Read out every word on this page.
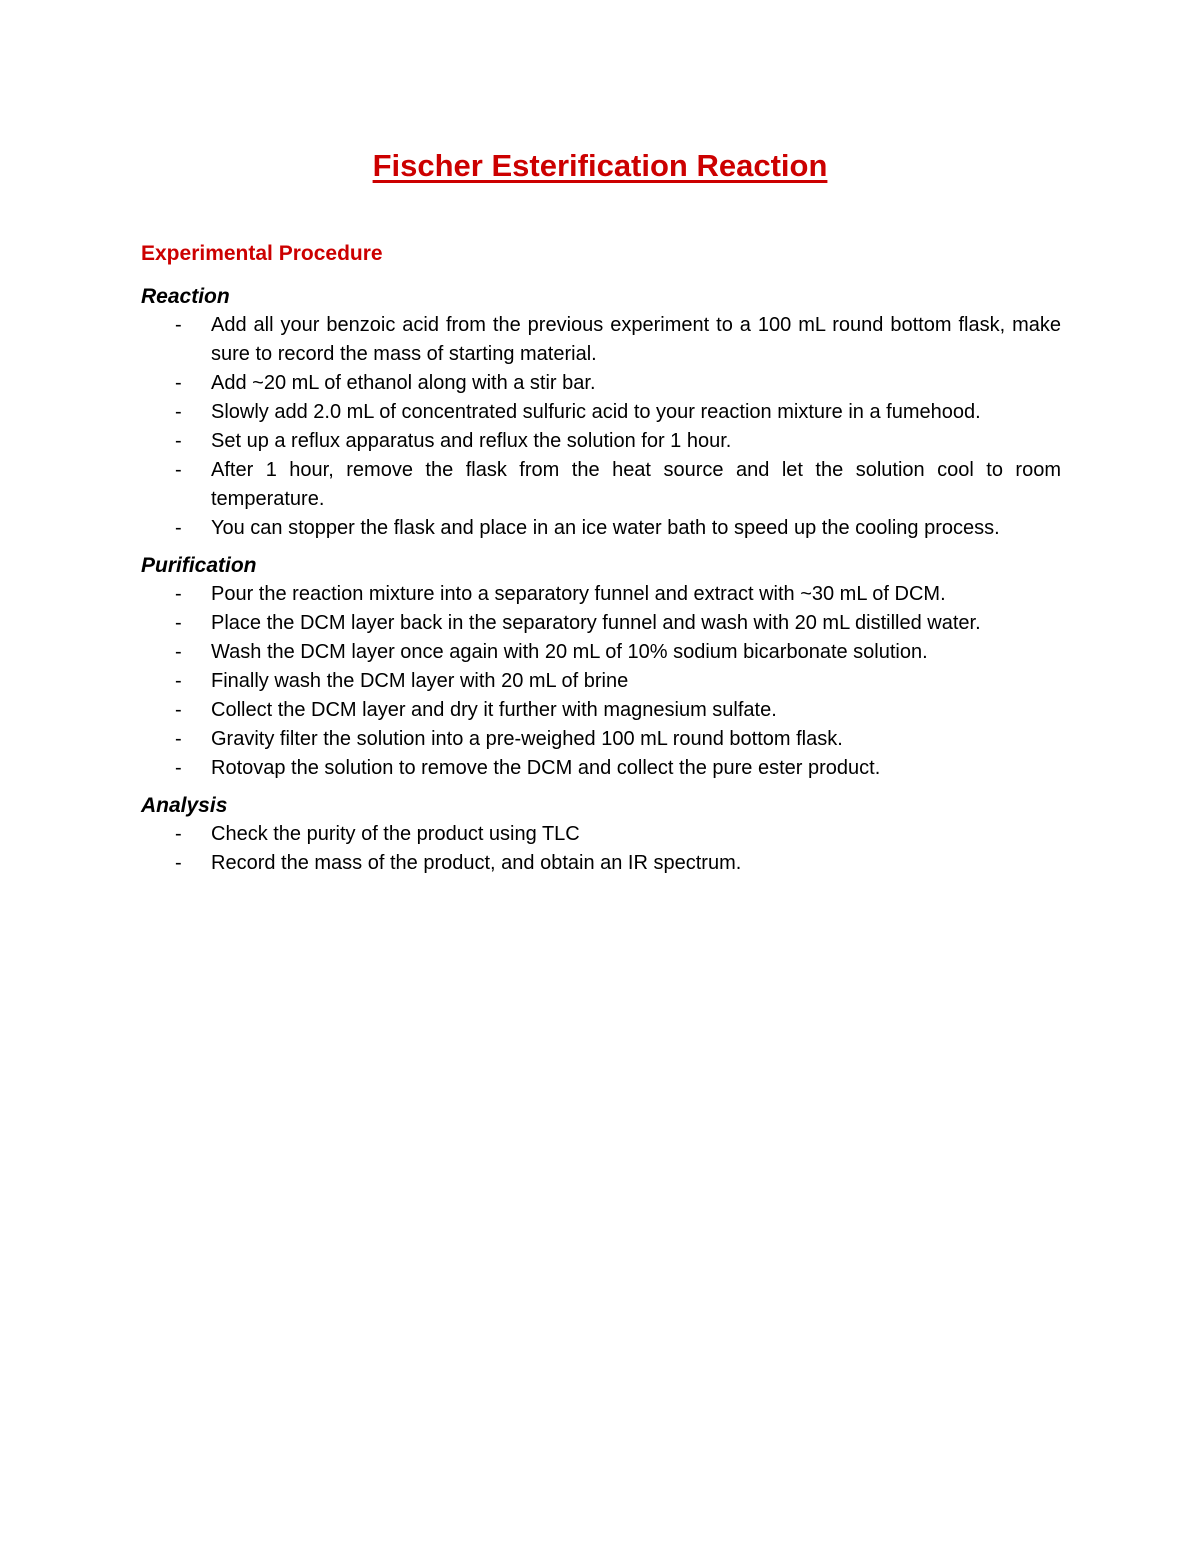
Fischer Esterification Reaction
Experimental Procedure
Reaction
- Add all your benzoic acid from the previous experiment to a 100 mL round bottom flask, make sure to record the mass of starting material.
- Add ~20 mL of ethanol along with a stir bar.
- Slowly add 2.0 mL of concentrated sulfuric acid to your reaction mixture in a fumehood.
- Set up a reflux apparatus and reflux the solution for 1 hour.
- After 1 hour, remove the flask from the heat source and let the solution cool to room temperature.
- You can stopper the flask and place in an ice water bath to speed up the cooling process.
Purification
- Pour the reaction mixture into a separatory funnel and extract with ~30 mL of DCM.
- Place the DCM layer back in the separatory funnel and wash with 20 mL distilled water.
- Wash the DCM layer once again with 20 mL of 10% sodium bicarbonate solution.
- Finally wash the DCM layer with 20 mL of brine
- Collect the DCM layer and dry it further with magnesium sulfate.
- Gravity filter the solution into a pre-weighed 100 mL round bottom flask.
- Rotovap the solution to remove the DCM and collect the pure ester product.
Analysis
- Check the purity of the product using TLC
- Record the mass of the product, and obtain an IR spectrum.
